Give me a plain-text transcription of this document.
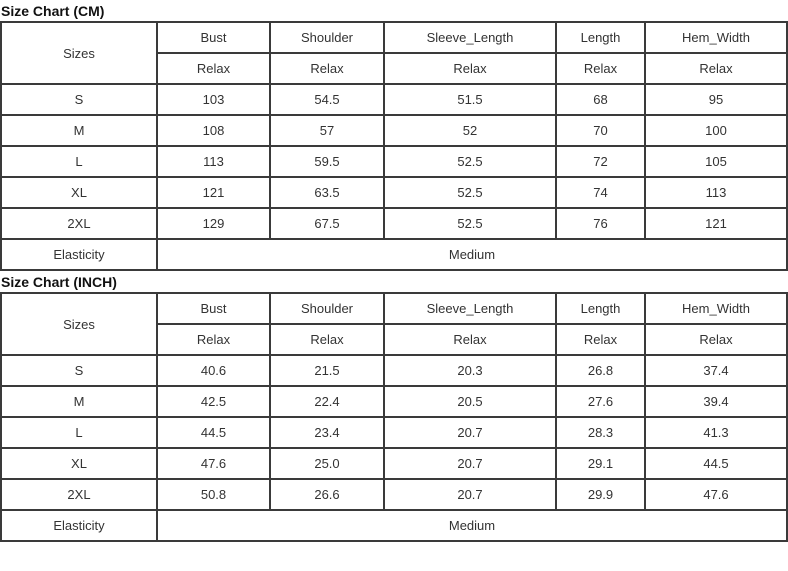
Size Chart (CM)
Sizes	Bust	Shoulder	Sleeve_Length	Length	Hem_Width
	Relax	Relax	Relax	Relax	Relax
S	103	54.5	51.5	68	95
M	108	57	52	70	100
L	113	59.5	52.5	72	105
XL	121	63.5	52.5	74	113
2XL	129	67.5	52.5	76	121
Elasticity	Medium				
Size Chart (INCH)
Sizes	Bust	Shoulder	Sleeve_Length	Length	Hem_Width
	Relax	Relax	Relax	Relax	Relax
S	40.6	21.5	20.3	26.8	37.4
M	42.5	22.4	20.5	27.6	39.4
L	44.5	23.4	20.7	28.3	41.3
XL	47.6	25.0	20.7	29.1	44.5
2XL	50.8	26.6	20.7	29.9	47.6
Elasticity	Medium				
